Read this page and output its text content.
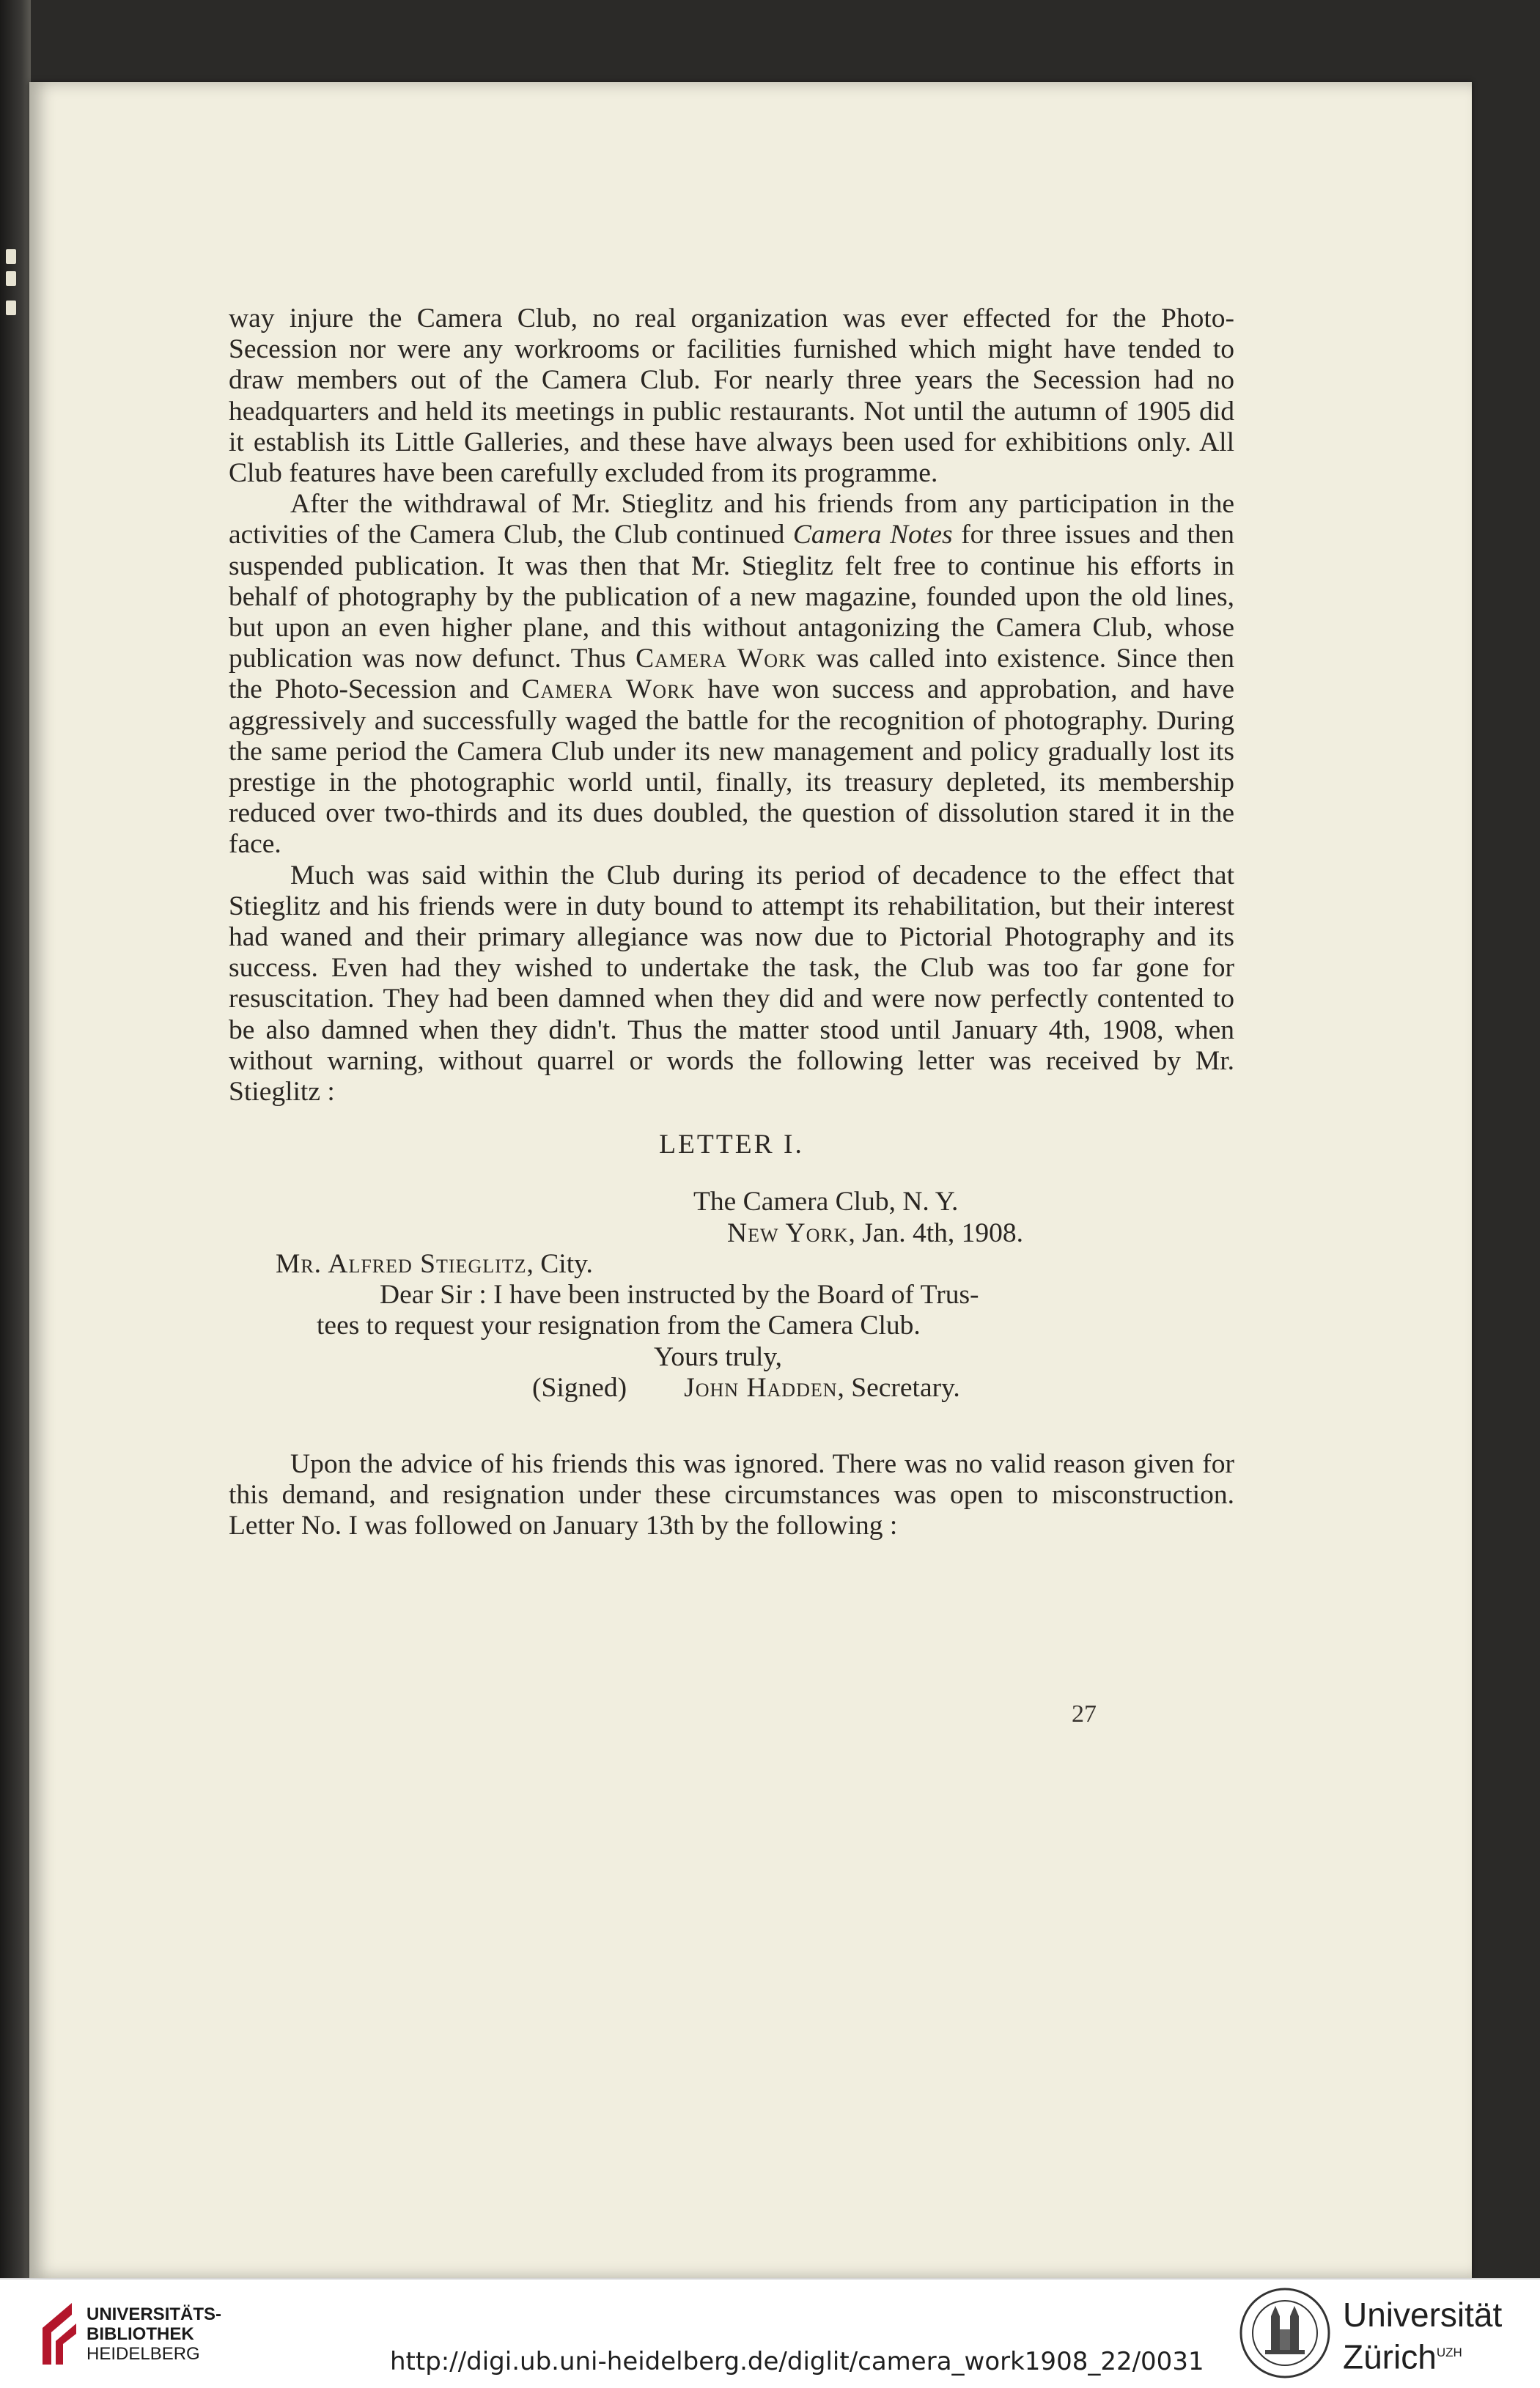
way injure the Camera Club, no real organization was ever effected for the Photo-Secession nor were any workrooms or facilities furnished which might have tended to draw members out of the Camera Club. For nearly three years the Secession had no headquarters and held its meetings in public restaurants. Not until the autumn of 1905 did it establish its Little Galleries, and these have always been used for exhibitions only. All Club features have been carefully excluded from its programme.

After the withdrawal of Mr. Stieglitz and his friends from any participation in the activities of the Camera Club, the Club continued Camera Notes for three issues and then suspended publication. It was then that Mr. Stieglitz felt free to continue his efforts in behalf of photography by the publication of a new magazine, founded upon the old lines, but upon an even higher plane, and this without antagonizing the Camera Club, whose publication was now defunct. Thus Camera Work was called into existence. Since then the Photo-Secession and Camera Work have won success and approbation, and have aggressively and successfully waged the battle for the recognition of photography. During the same period the Camera Club under its new management and policy gradually lost its prestige in the photographic world until, finally, its treasury depleted, its membership reduced over two-thirds and its dues doubled, the question of dissolution stared it in the face.

Much was said within the Club during its period of decadence to the effect that Stieglitz and his friends were in duty bound to attempt its rehabilitation, but their interest had waned and their primary allegiance was now due to Pictorial Photography and its success. Even had they wished to undertake the task, the Club was too far gone for resuscitation. They had been damned when they did and were now perfectly contented to be also damned when they didn't. Thus the matter stood until January 4th, 1908, when without warning, without quarrel or words the following letter was received by Mr. Stieglitz :

LETTER I.

The Camera Club, N. Y.

New York, Jan. 4th, 1908.

Mr. Alfred Stieglitz, City.

Dear Sir : I have been instructed by the Board of Trus-

tees to request your resignation from the Camera Club.

Yours truly,

(Signed) John Hadden, Secretary.

Upon the advice of his friends this was ignored. There was no valid reason given for this demand, and resignation under these circumstances was open to misconstruction. Letter No. I was followed on January 13th by the following :

27
UNIVERSITÄTS-
BIBLIOTHEK
HEIDELBERG	http://digi.ub.uni-heidelberg.de/diglit/camera_work1908_22/0031
Universität
Zürich$^{UZH}$
